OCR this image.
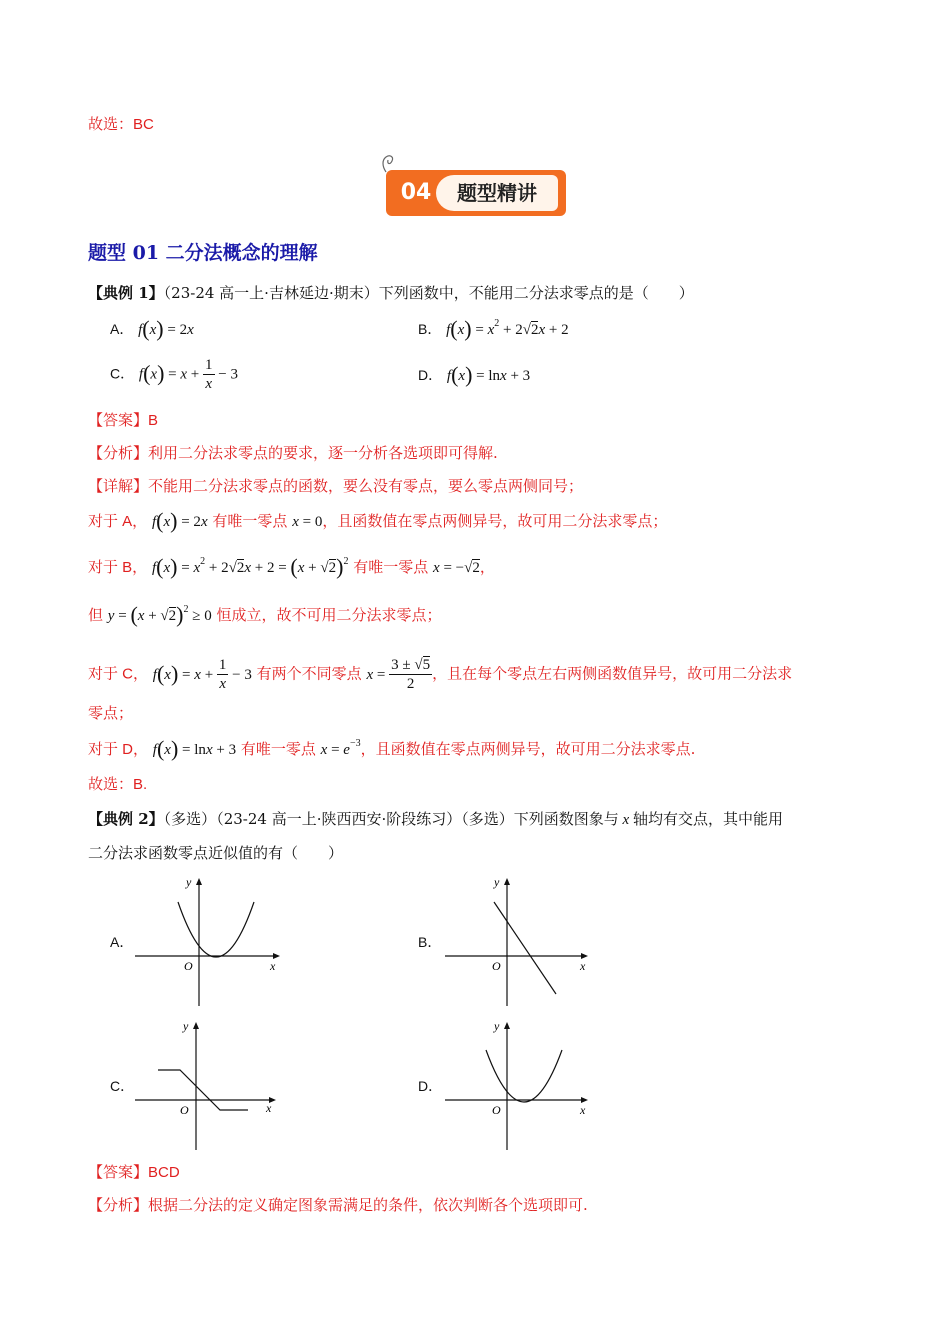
故选：BC
04	题型精讲
题型 01 二分法概念的理解
【典例 1】（23-24 高一上·吉林延边·期末）下列函数中，不能用二分法求零点的是（　　）
A． f(x) = 2x	B． $f(x) = x^2 + 2√2x + 2$
C． $f(x) = x + \frac{1}{x} - 3$	D． f(x) = lnx + 3
【答案】B
【分析】利用二分法求零点的要求，逐一分析各选项即可得解.
【详解】不能用二分法求零点的函数，要么没有零点，要么零点两侧同号；
对于 A， f(x) = 2x 有唯一零点 x = 0，且函数值在零点两侧异号，故可用二分法求零点；
对于 B， $f(x) = x^2 + 2√2x + 2 = (x + √2)^2$ 有唯一零点 x = −√2，
但 $y = (x + √2)^2 \ge 0$ 恒成立，故不可用二分法求零点；
对于 C， $f(x) = x + \frac{1}{x} - 3$ 有两个不同零点 $x = \frac{3 \pm √5}{2}$ ，且在每个零点左右两侧函数值异号，故可用二分法求
零点；
对于 D， f(x) = lnx + 3 有唯一零点 $x = e^{-3}$，且函数值在零点两侧异号，故可用二分法求零点.
故选：B.
【典例 2】（多选）（23-24 高一上·陕西西安·阶段练习）（多选）下列函数图象与 x 轴均有交点，其中能用
二分法求函数零点近似值的有（　　）
A．	B．
C．	D．
y
O	x
y
O	x
y
O	x
y
O	x
【答案】BCD
【分析】根据二分法的定义确定图象需满足的条件，依次判断各个选项即可.
